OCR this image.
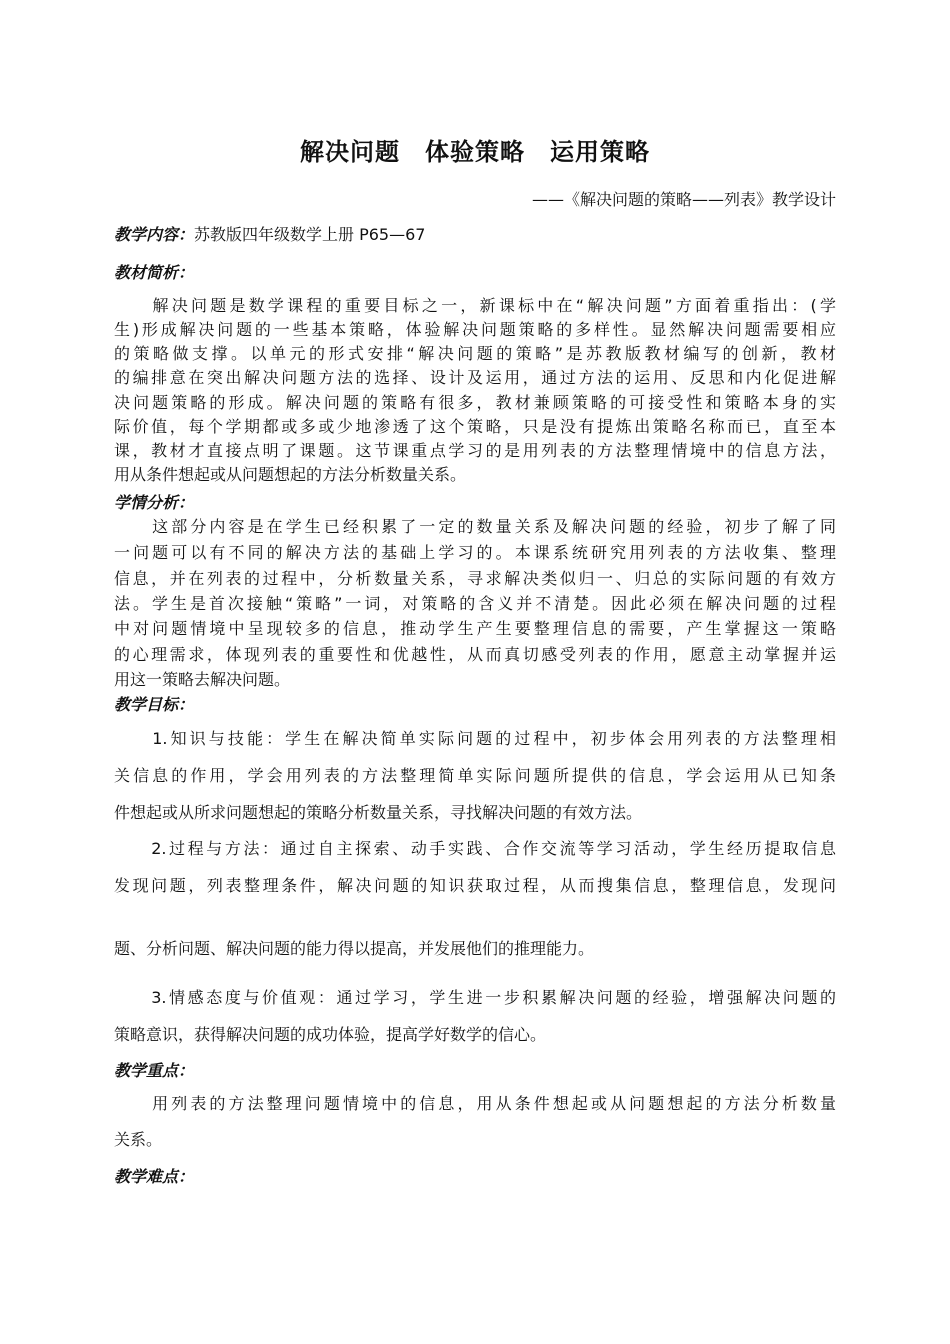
解决问题　体验策略　运用策略
——《解决问题的策略——列表》教学设计
教学内容：苏教版四年级数学上册 P65—67
教材简析：
　　解决问题是数学课程的重要目标之一，新课标中在“解决问题”方面着重指出：(学
生)形成解决问题的一些基本策略，体验解决问题策略的多样性。显然解决问题需要相应
的策略做支撑。以单元的形式安排“解决问题的策略”是苏教版教材编写的创新，教材
的编排意在突出解决问题方法的选择、设计及运用，通过方法的运用、反思和内化促进解
决问题策略的形成。解决问题的策略有很多，教材兼顾策略的可接受性和策略本身的实
际价值，每个学期都或多或少地渗透了这个策略，只是没有提炼出策略名称而已，直至本
课，教材才直接点明了课题。这节课重点学习的是用列表的方法整理情境中的信息方法，
用从条件想起或从问题想起的方法分析数量关系。
学情分析：
　　这部分内容是在学生已经积累了一定的数量关系及解决问题的经验，初步了解了同
一问题可以有不同的解决方法的基础上学习的。本课系统研究用列表的方法收集、整理
信息，并在列表的过程中，分析数量关系，寻求解决类似归一、归总的实际问题的有效方
法。学生是首次接触“策略”一词，对策略的含义并不清楚。因此必须在解决问题的过程
中对问题情境中呈现较多的信息，推动学生产生要整理信息的需要，产生掌握这一策略
的心理需求，体现列表的重要性和优越性，从而真切感受列表的作用，愿意主动掌握并运
用这一策略去解决问题。
教学目标：
　　1.知识与技能：学生在解决简单实际问题的过程中，初步体会用列表的方法整理相
关信息的作用，学会用列表的方法整理简单实际问题所提供的信息，学会运用从已知条
件想起或从所求问题想起的策略分析数量关系，寻找解决问题的有效方法。
　　2.过程与方法：通过自主探索、动手实践、合作交流等学习活动，学生经历提取信息
发现问题，列表整理条件，解决问题的知识获取过程，从而搜集信息，整理信息，发现问
题、分析问题、解决问题的能力得以提高，并发展他们的推理能力。
　　3.情感态度与价值观：通过学习，学生进一步积累解决问题的经验，增强解决问题的
策略意识，获得解决问题的成功体验，提高学好数学的信心。
教学重点：
　　用列表的方法整理问题情境中的信息，用从条件想起或从问题想起的方法分析数量
关系。
教学难点：
